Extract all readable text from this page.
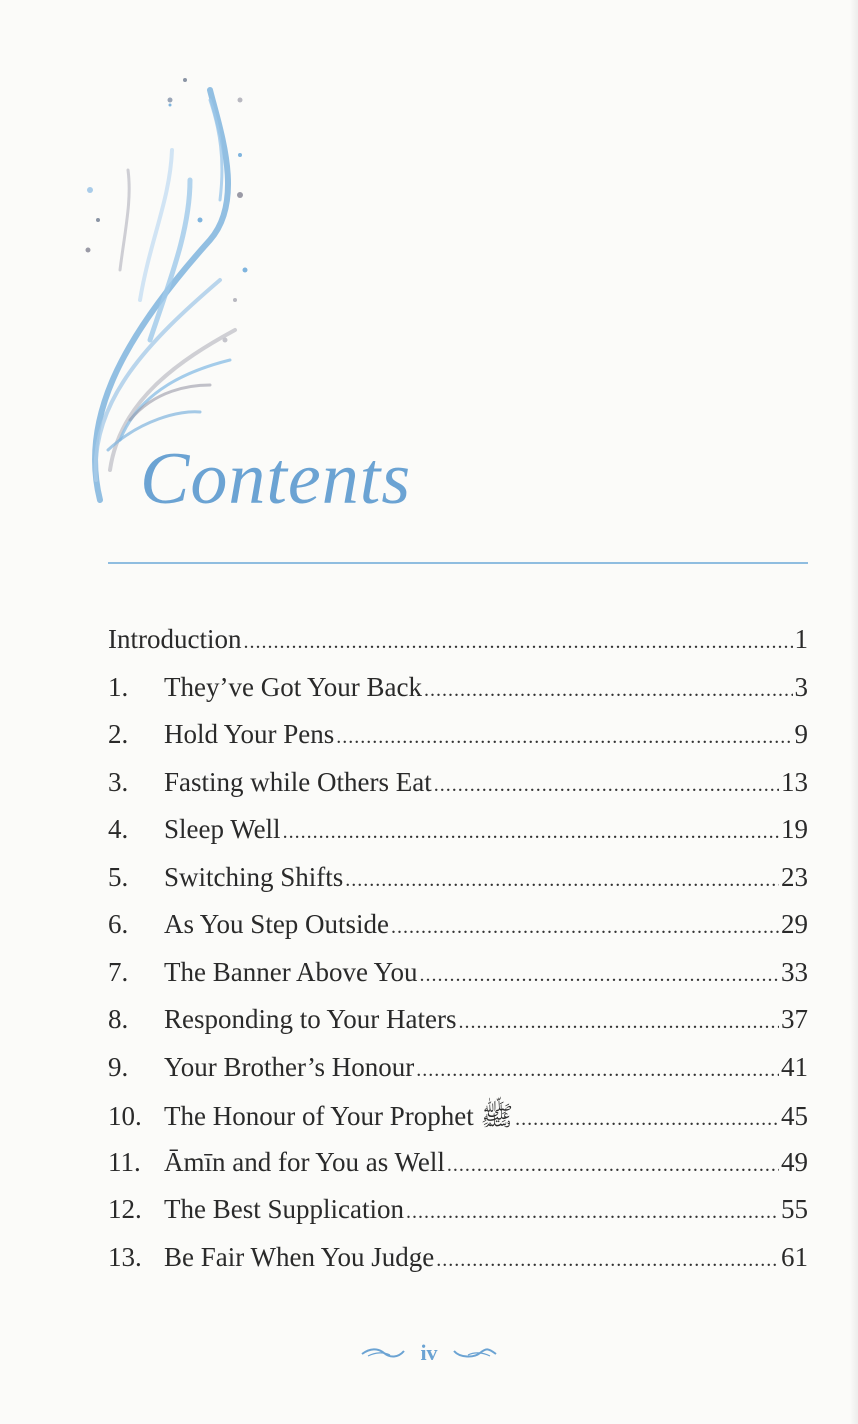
Contents
Introduction .....	1
1.	They’ve Got Your Back .....	3
2.	Hold Your Pens .....	9
3.	Fasting while Others Eat .....	13
4.	Sleep Well .....	19
5.	Switching Shifts .....	23
6.	As You Step Outside .....	29
7.	The Banner Above You .....	33
8.	Responding to Your Haters .....	37
9.	Your Brother’s Honour .....	41
10. The Honour of Your Prophet ﷺ .....	45
11. Āmīn and for You as Well .....	49
12. The Best Supplication .....	55
13. Be Fair When You Judge .....	61
iv
